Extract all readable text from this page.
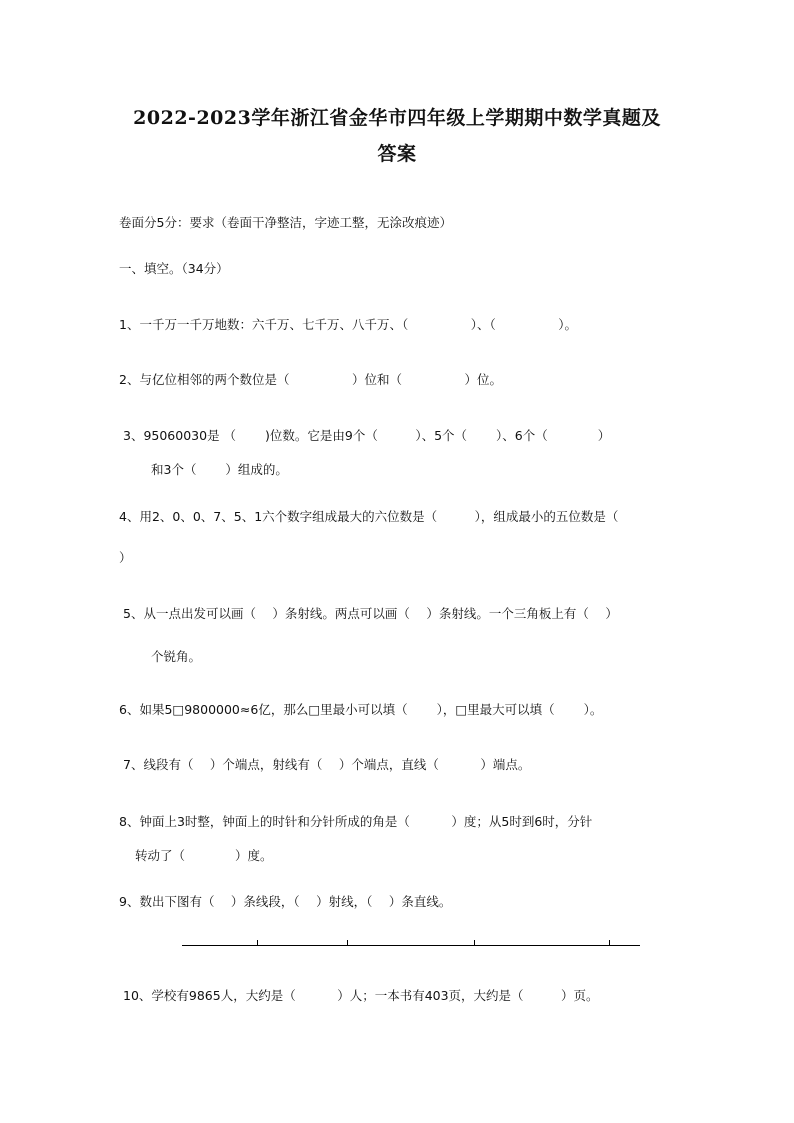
2022-2023学年浙江省金华市四年级上学期期中数学真题及
答案
卷面分5分：要求（卷面干净整洁，字迹工整，无涂改痕迹）
一、填空。（34分）
1、一千万一千万地数：六千万、七千万、八千万、（　　　　　）、（　　　　　）。
2、与亿位相邻的两个数位是（　　　　　）位和（　　　　　）位。
3、95060030是 （　　 )位数。它是由9个（　　　）、5个（　　 ）、6个（　　　　）
和3个（　　 ）组成的。
4、用2、0、0、7、5、1六个数字组成最大的六位数是（　　　），组成最小的五位数是（
）
5、从一点出发可以画（　 ）条射线。两点可以画（　 ）条射线。一个三角板上有（　 ）
个锐角。
6、如果5□9800000≈6亿，那么□里最小可以填（　　 ），□里最大可以填（　　 ）。
7、线段有（　 ）个端点，射线有（　 ）个端点，直线（　　　 ）端点。
8、钟面上3时整，钟面上的时针和分针所成的角是（　　　 ）度；从5时到6时，分针
转动了（　　　　）度。
9、数出下图有（　 ）条线段，（　 ）射线，（　 ）条直线。
10、学校有9865人，大约是（　　　 ）人；一本书有403页，大约是（　　　）页。
